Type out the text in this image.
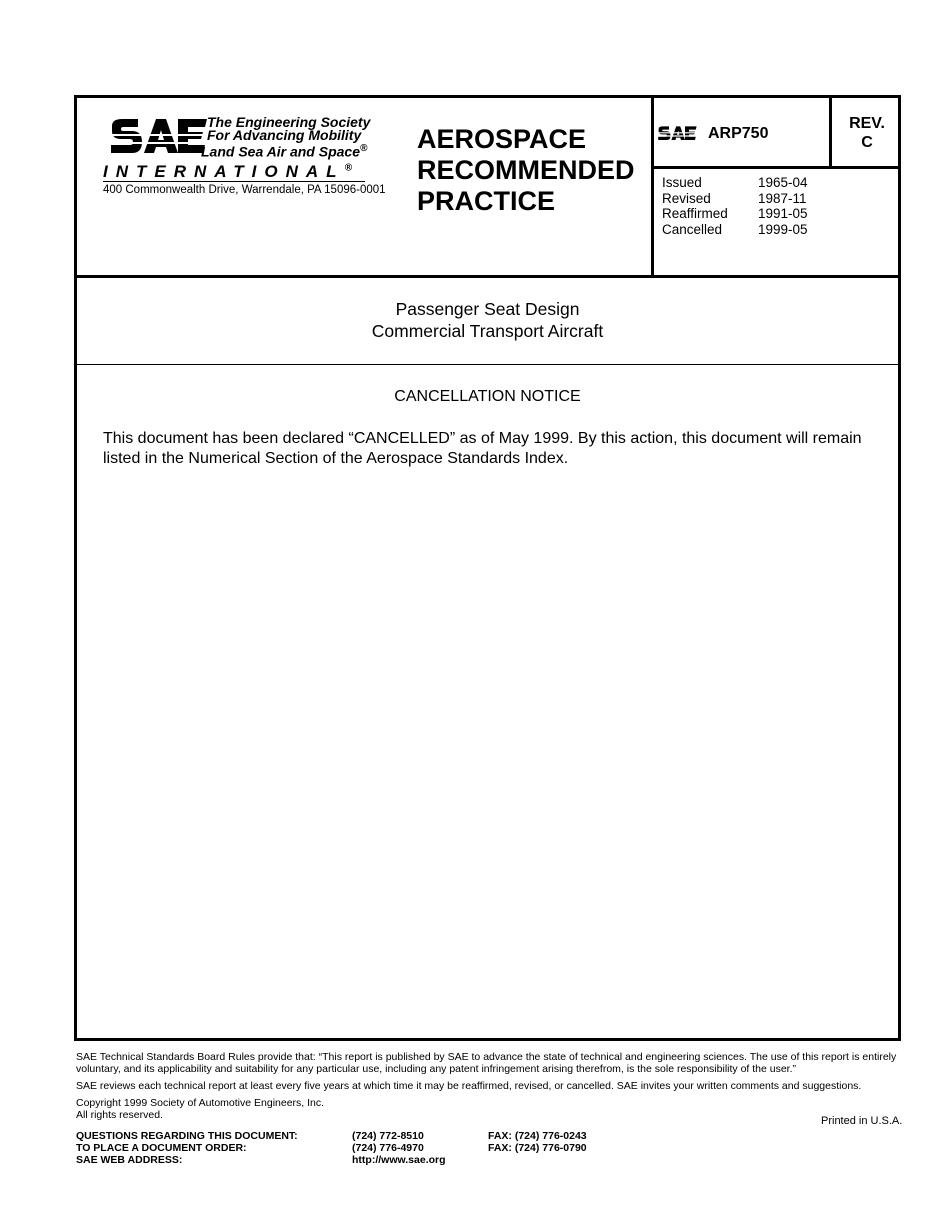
The Engineering Society
For Advancing Mobility
Land Sea Air and Space®
INTERNATIONAL®
400 Commonwealth Drive, Warrendale, PA 15096-0001
AEROSPACE
RECOMMENDED
PRACTICE
ARP750
REV.
C
Issued	1965-04
Revised	1987-11
Reaffirmed	1991-05
Cancelled	1999-05
Passenger Seat Design
Commercial Transport Aircraft
CANCELLATION NOTICE
This document has been declared “CANCELLED” as of May 1999. By this action, this document will remain listed in the Numerical Section of the Aerospace Standards Index.

SAE Technical Standards Board Rules provide that: “This report is published by SAE to advance the state of technical and engineering sciences. The use of this report is entirely voluntary, and its applicability and suitability for any particular use, including any patent infringement arising therefrom, is the sole responsibility of the user.”

SAE reviews each technical report at least every five years at which time it may be reaffirmed, revised, or cancelled. SAE invites your written comments and suggestions.

Copyright 1999 Society of Automotive Engineers, Inc.
All rights reserved.	Printed in U.S.A.
QUESTIONS REGARDING THIS DOCUMENT:	(724) 772-8510	FAX: (724) 776-0243
TO PLACE A DOCUMENT ORDER:	(724) 776-4970	FAX: (724) 776-0790
SAE WEB ADDRESS:	http://www.sae.org
